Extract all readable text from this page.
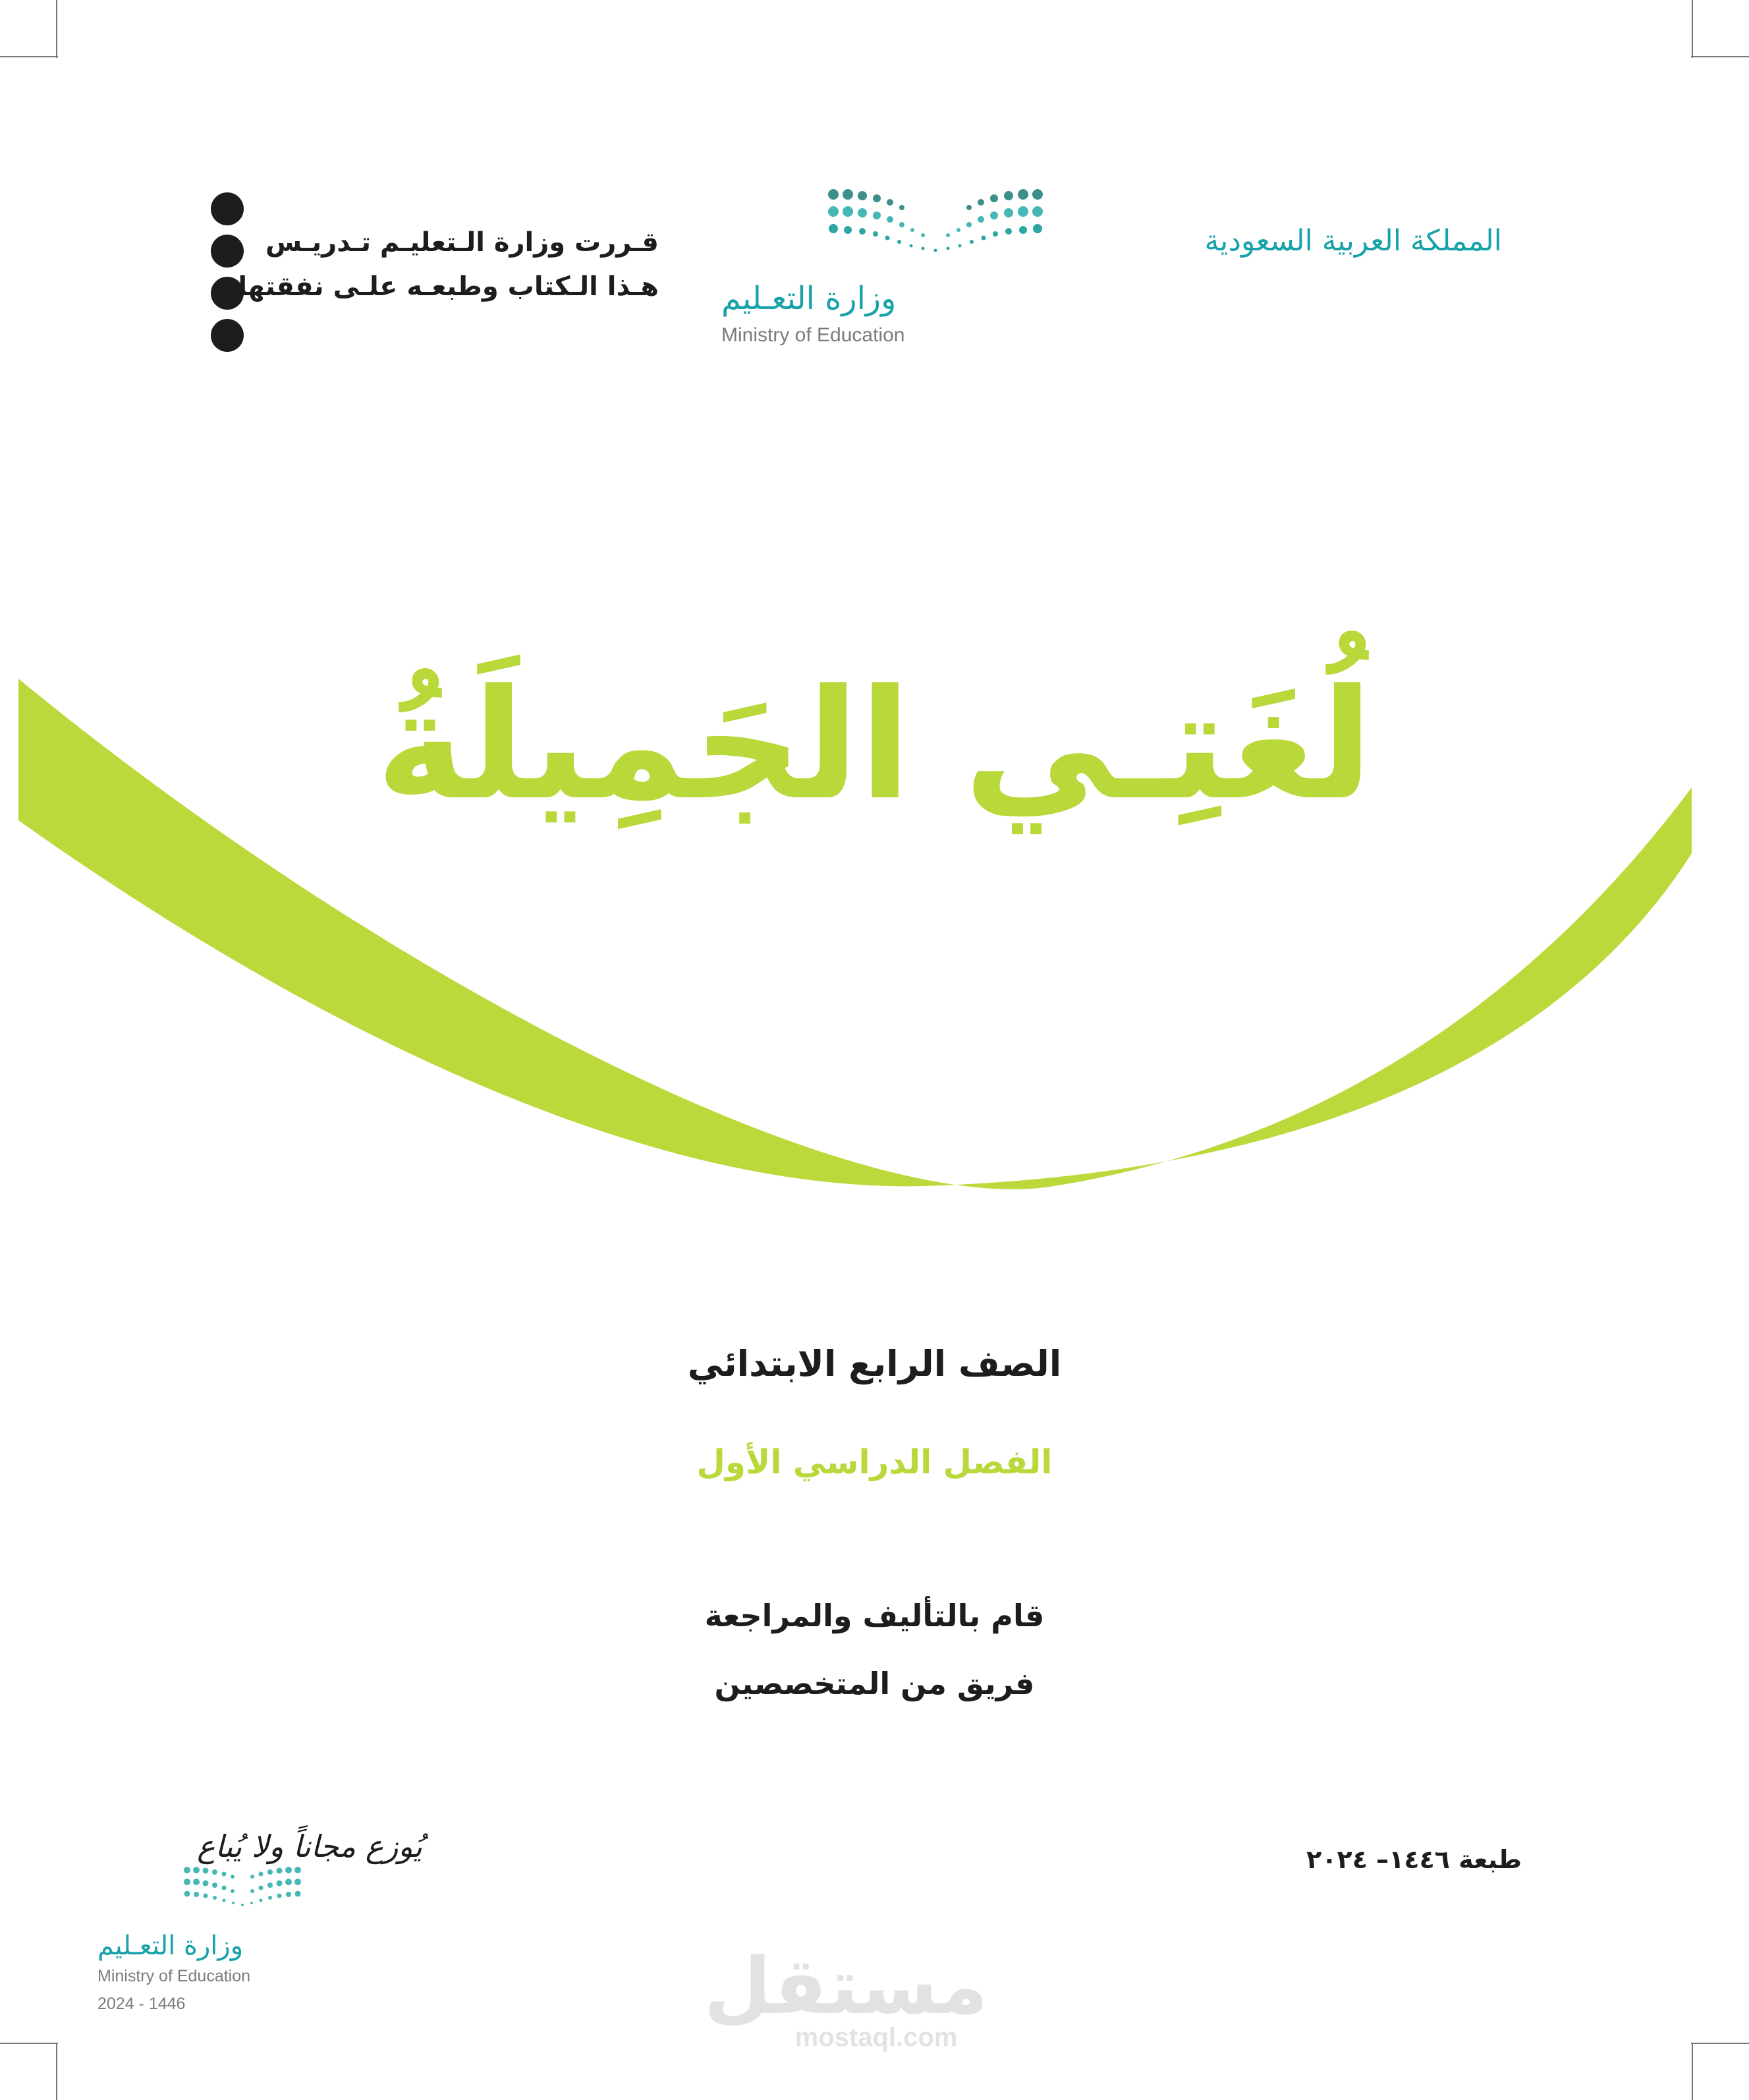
المملكة العربية السعودية
وزارة التعـليم
Ministry of Education
قـررت وزارة الـتعليـم تـدريـس
هـذا الـكتاب وطبعـه علـى نفقتها
لُغَتِـي الجَمِيلَةُ
الصف الرابع الابتدائي
الفصل الدراسي الأول
قام بالتأليف والمراجعة
فريق من المتخصصين
طبعة ١٤٤٦– ٢٠٢٤
يُوزع مجاناً ولا يُباع
وزارة التعـليم
Ministry of Education
2024 - 1446	مستقل
mostaql.com
